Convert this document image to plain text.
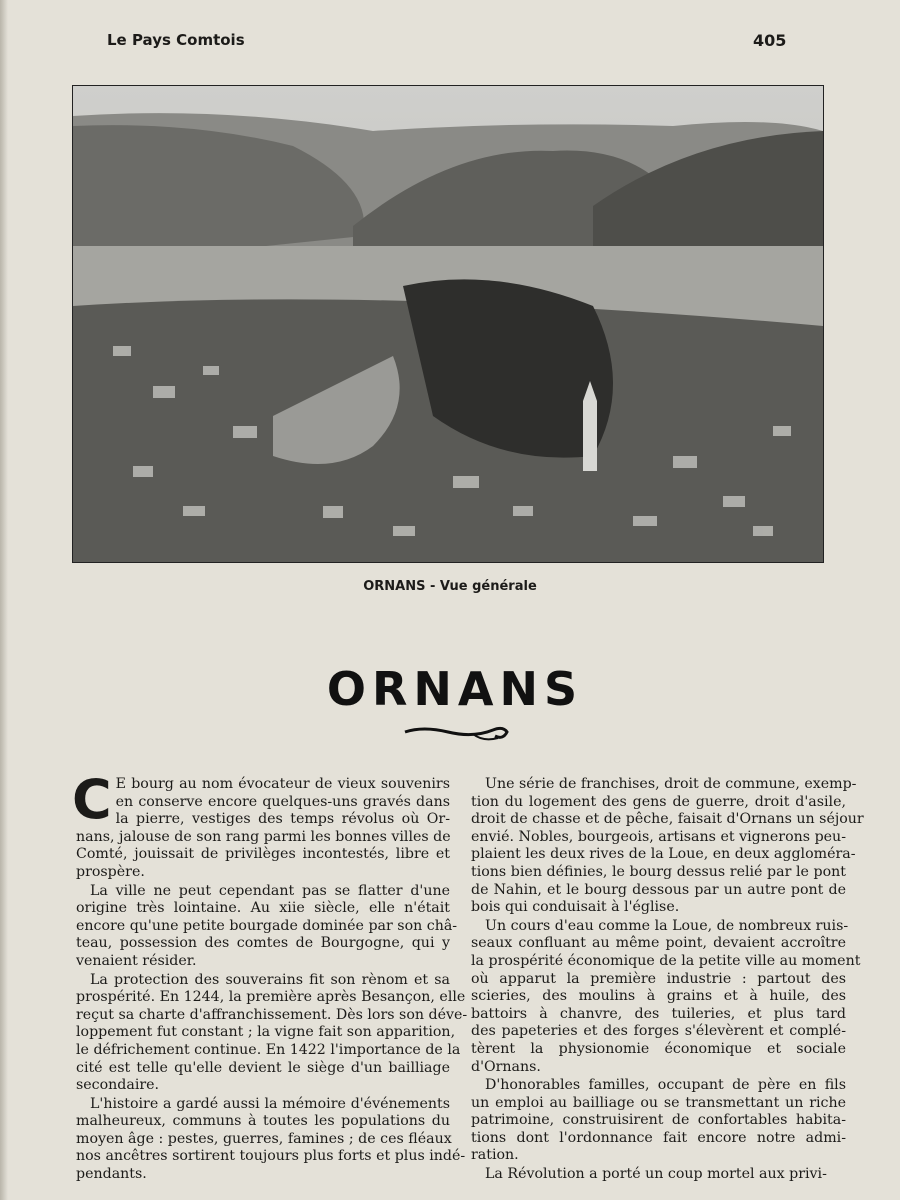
Le Pays Comtois	405
ORNANS - Vue générale
ORNANS
C E bourg au nom évocateur de vieux souvenirs
en conserve encore quelques-uns gravés dans
la pierre, vestiges des temps révolus où Or-
nans, jalouse de son rang parmi les bonnes villes de
Comté, jouissait de privilèges incontestés, libre et
prospère.
La ville ne peut cependant pas se flatter d'une
origine très lointaine. Au xiie siècle, elle n'était
encore qu'une petite bourgade dominée par son châ-
teau, possession des comtes de Bourgogne, qui y
venaient résider.
La protection des souverains fit son rènom et sa
prospérité. En 1244, la première après Besançon, elle
reçut sa charte d'affranchissement. Dès lors son déve-
loppement fut constant ; la vigne fait son apparition,
le défrichement continue. En 1422 l'importance de la
cité est telle qu'elle devient le siège d'un bailliage
secondaire.
L'histoire a gardé aussi la mémoire d'événements
malheureux, communs à toutes les populations du
moyen âge : pestes, guerres, famines ; de ces fléaux
nos ancêtres sortirent toujours plus forts et plus indé-
pendants.
Une série de franchises, droit de commune, exemp-
tion du logement des gens de guerre, droit d'asile,
droit de chasse et de pêche, faisait d'Ornans un séjour
envié. Nobles, bourgeois, artisans et vignerons peu-
plaient les deux rives de la Loue, en deux aggloméra-
tions bien définies, le bourg dessus relié par le pont
de Nahin, et le bourg dessous par un autre pont de
bois qui conduisait à l'église.
Un cours d'eau comme la Loue, de nombreux ruis-
seaux confluant au même point, devaient accroître
la prospérité économique de la petite ville au moment
où apparut la première industrie : partout des
scieries, des moulins à grains et à huile, des
battoirs à chanvre, des tuileries, et plus tard
des papeteries et des forges s'élevèrent et complé-
tèrent la physionomie économique et sociale
d'Ornans.
D'honorables familles, occupant de père en fils
un emploi au bailliage ou se transmettant un riche
patrimoine, construisirent de confortables habita-
tions dont l'ordonnance fait encore notre admi-
ration.
La Révolution a porté un coup mortel aux privi-
